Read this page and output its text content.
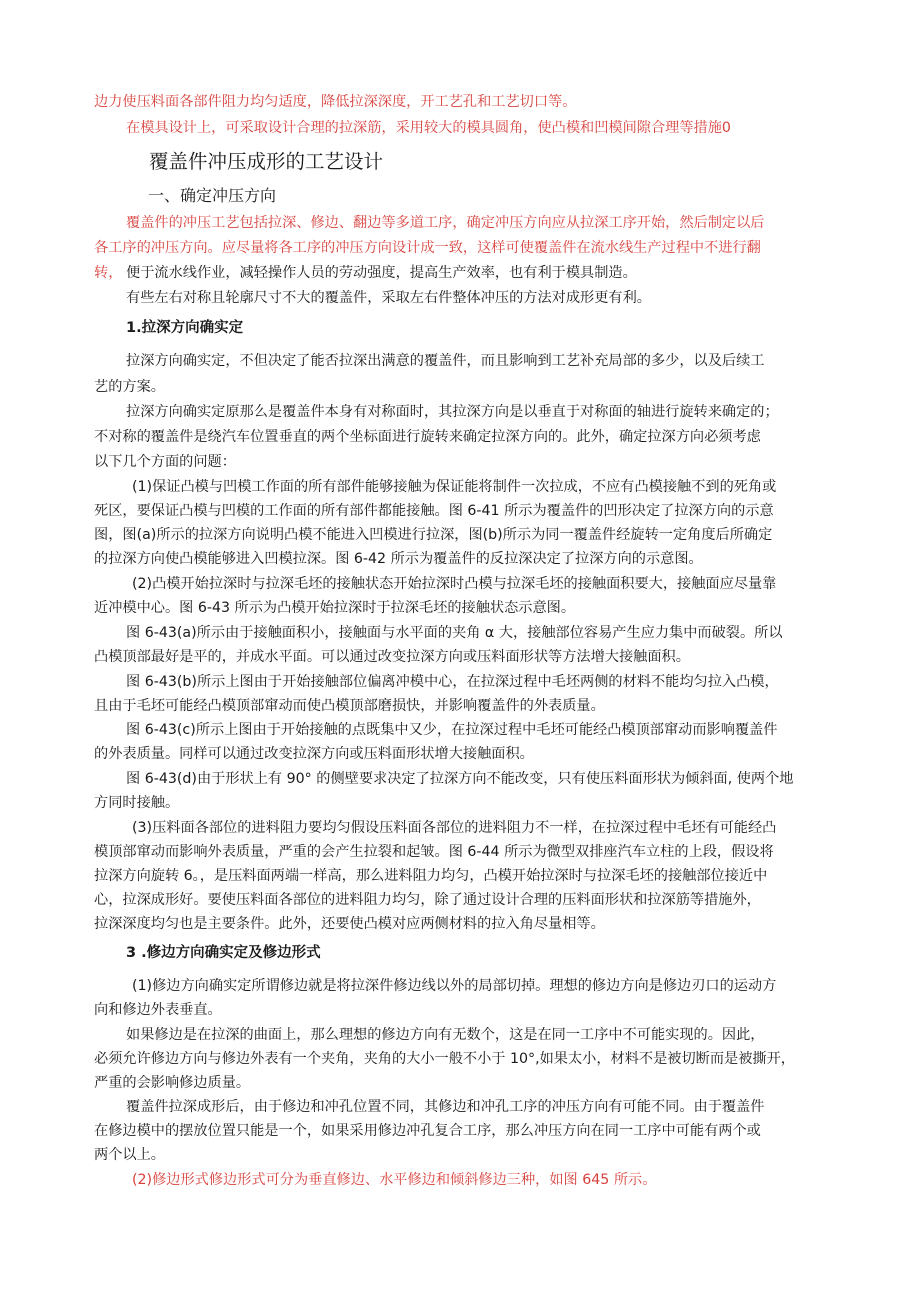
边力使压料面各部件阻力均匀适度，降低拉深深度，开工艺孔和工艺切口等。
在模具设计上，可采取设计合理的拉深筋，采用较大的模具圆角，使凸模和凹模间隙合理等措施0
覆盖件冲压成形的工艺设计
一、确定冲压方向
覆盖件的冲压工艺包括拉深、修边、翻边等多道工序，确定冲压方向应从拉深工序开始，然后制定以后
各工序的冲压方向。应尽量将各工序的冲压方向设计成一致，这样可使覆盖件在流水线生产过程中不进行翻
转， 便于流水线作业，减轻操作人员的劳动强度，提高生产效率，也有利于模具制造。
有些左右对称且轮廓尺寸不大的覆盖件，采取左右件整体冲压的方法对成形更有利。
1.拉深方向确实定
拉深方向确实定，不但决定了能否拉深出满意的覆盖件，而且影响到工艺补充局部的多少，以及后续工
艺的方案。
拉深方向确实定原那么是覆盖件本身有对称面时，其拉深方向是以垂直于对称面的轴进行旋转来确定的；
不对称的覆盖件是绕汽车位置垂直的两个坐标面进行旋转来确定拉深方向的。此外，确定拉深方向必须考虑
以下几个方面的问题：
(1)保证凸模与凹模工作面的所有部件能够接触为保证能将制件一次拉成，不应有凸模接触不到的死角或
死区，要保证凸模与凹模的工作面的所有部件都能接触。图 6-41 所示为覆盖件的凹形决定了拉深方向的示意
图，图(a)所示的拉深方向说明凸模不能进入凹模进行拉深，图(b)所示为同一覆盖件经旋转一定角度后所确定
的拉深方向使凸模能够进入凹模拉深。图 6-42 所示为覆盖件的反拉深决定了拉深方向的示意图。
(2)凸模开始拉深时与拉深毛坯的接触状态开始拉深时凸模与拉深毛坯的接触面积要大，接触面应尽量靠
近冲模中心。图 6-43 所示为凸模开始拉深时于拉深毛坯的接触状态示意图。
图 6-43(a)所示由于接触面积小，接触面与水平面的夹角 α 大，接触部位容易产生应力集中而破裂。所以
凸模顶部最好是平的，并成水平面。可以通过改变拉深方向或压料面形状等方法增大接触面积。
图 6-43(b)所示上图由于开始接触部位偏离冲模中心，在拉深过程中毛坯两侧的材料不能均匀拉入凸模，
且由于毛坯可能经凸模顶部窜动而使凸模顶部磨损快，并影响覆盖件的外表质量。
图 6-43(c)所示上图由于开始接触的点既集中又少，在拉深过程中毛坯可能经凸模顶部窜动而影响覆盖件
的外表质量。同样可以通过改变拉深方向或压料面形状增大接触面积。
图 6-43(d)由于形状上有 90° 的侧壁要求决定了拉深方向不能改变，只有使压料面形状为倾斜面, 使两个地
方同时接触。
(3)压料面各部位的进料阻力要均匀假设压料面各部位的进料阻力不一样，在拉深过程中毛坯有可能经凸
模顶部窜动而影响外表质量，严重的会产生拉裂和起皱。图 6-44 所示为微型双排座汽车立柱的上段，假设将
拉深方向旋转 6。，是压料面两端一样高，那么进料阻力均匀，凸模开始拉深时与拉深毛坯的接触部位接近中
心，拉深成形好。要使压料面各部位的进料阻力均匀，除了通过设计合理的压料面形状和拉深筋等措施外，
拉深深度均匀也是主要条件。此外，还要使凸模对应两侧材料的拉入角尽量相等。
3 .修边方向确实定及修边形式
(1)修边方向确实定所谓修边就是将拉深件修边线以外的局部切掉。理想的修边方向是修边刃口的运动方
向和修边外表垂直。
如果修边是在拉深的曲面上，那么理想的修边方向有无数个，这是在同一工序中不可能实现的。因此，
必须允许修边方向与修边外表有一个夹角，夹角的大小一般不小于 10°,如果太小，材料不是被切断而是被撕开，
严重的会影响修边质量。
覆盖件拉深成形后，由于修边和冲孔位置不同，其修边和冲孔工序的冲压方向有可能不同。由于覆盖件
在修边模中的摆放位置只能是一个，如果采用修边冲孔复合工序，那么冲压方向在同一工序中可能有两个或
两个以上。
(2)修边形式修边形式可分为垂直修边、水平修边和倾斜修边三种，如图 645 所示。
